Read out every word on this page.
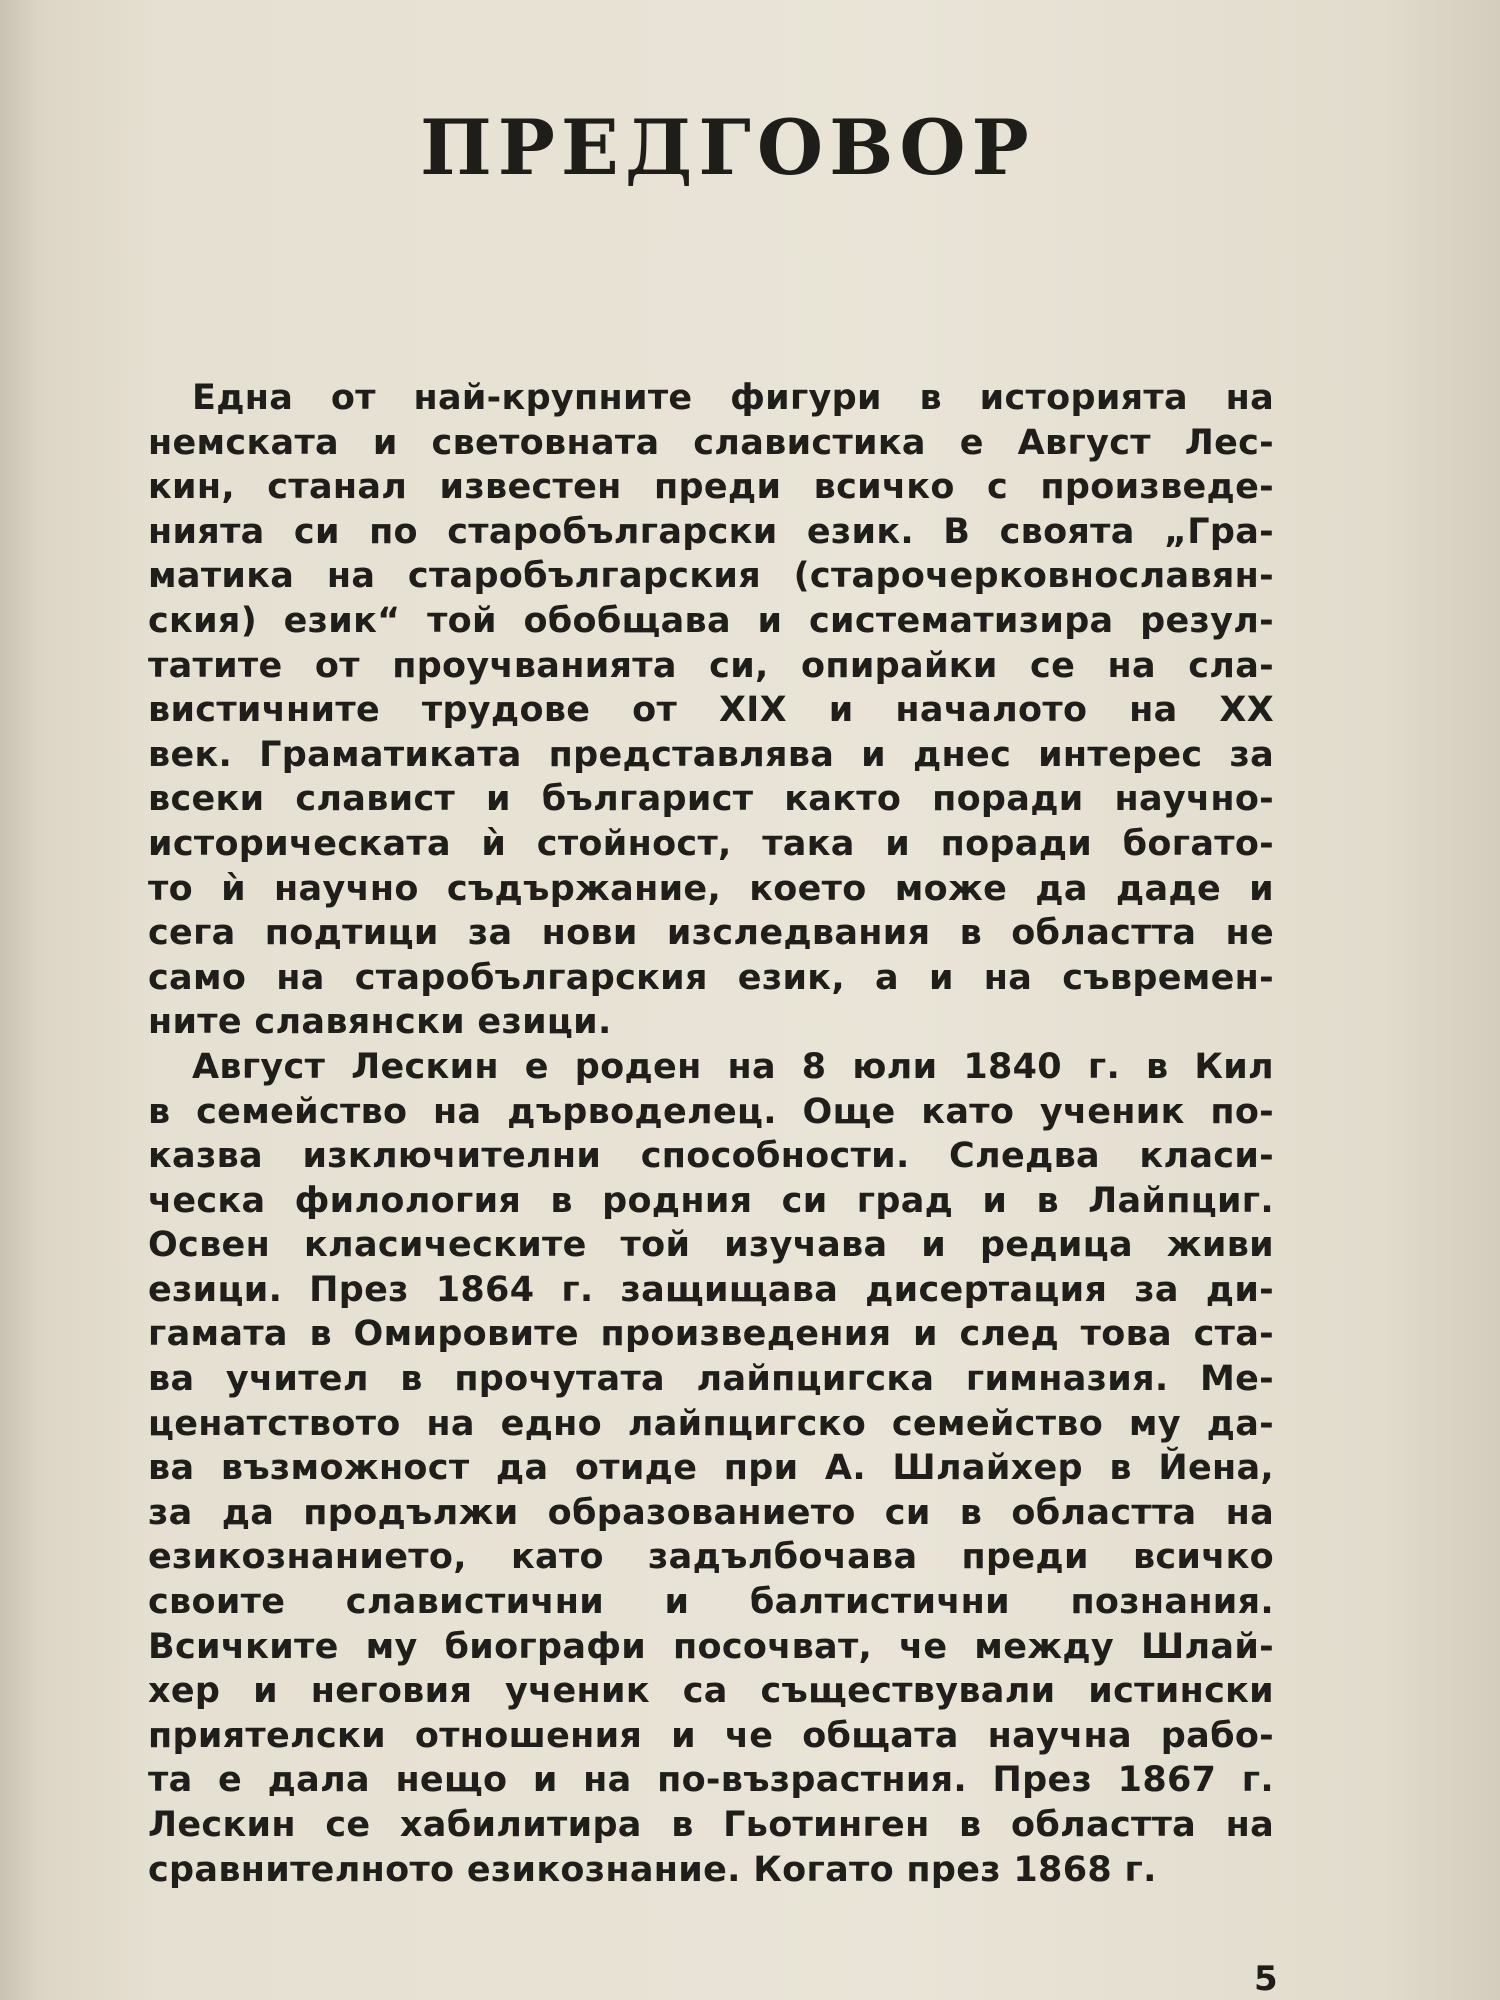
ПРЕДГОВОР
Една от най-крупните фигури в историята на
немската и световната славистика е Август Лес-
кин, станал известен преди всичко с произведе-
нията си по старобългарски език. В своята „Гра-
матика на старобългарския (старочерковнославян-
ския) език“ той обобщава и систематизира резул-
татите от проучванията си, опирайки се на сла-
вистичните трудове от XIX и началото на XX
век. Граматиката представлява и днес интерес за
всеки славист и българист както поради научно-
историческата ѝ стойност, така и поради богато-
то ѝ научно съдържание, което може да даде и
сега подтици за нови изследвания в областта не
само на старобългарския език, а и на съвремен-
ните славянски езици.
Август Лескин е роден на 8 юли 1840 г. в Кил
в семейство на дърводелец. Още като ученик по-
казва изключителни способности. Следва класи-
ческа филология в родния си град и в Лайпциг.
Освен класическите той изучава и редица живи
езици. През 1864 г. защищава дисертация за ди-
гамата в Омировите произведения и след това ста-
ва учител в прочутата лайпцигска гимназия. Ме-
ценатството на едно лайпцигско семейство му да-
ва възможност да отиде при А. Шлайхер в Йена,
за да продължи образованието си в областта на
езикознанието, като задълбочава преди всичко
своите славистични и балтистични познания.
Всичките му биографи посочват, че между Шлай-
хер и неговия ученик са съществували истински
приятелски отношения и че общата научна рабо-
та е дала нещо и на по-възрастния. През 1867 г.
Лескин се хабилитира в Гьотинген в областта на
сравнителното езикознание. Когато през 1868 г.
5
